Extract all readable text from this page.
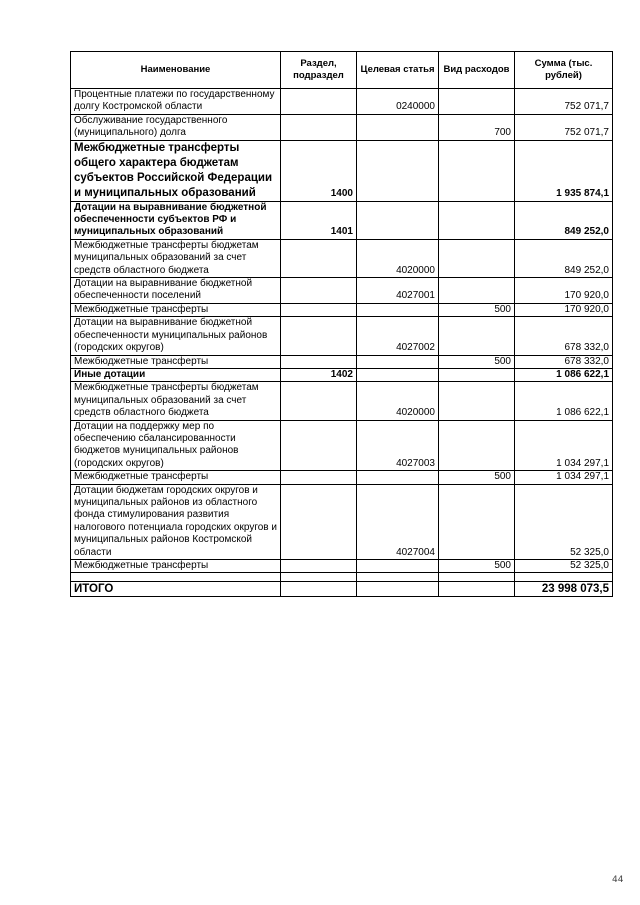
Наименование	Раздел, подраздел	Целевая статья	Вид расходов	Сумма (тыс. рублей)
Процентные платежи по государственному долгу Костромской области		0240000		752 071,7
Обслуживание государственного (муниципального) долга			700	752 071,7
Межбюджетные трансферты общего характера бюджетам субъектов Российской Федерации и муниципальных образований	1400			1 935 874,1
Дотации на выравнивание бюджетной обеспеченности субъектов РФ и муниципальных образований	1401			849 252,0
Межбюджетные трансферты бюджетам муниципальных образований за счет средств областного бюджета		4020000		849 252,0
Дотации на выравнивание бюджетной обеспеченности поселений		4027001		170 920,0
Межбюджетные трансферты			500	170 920,0
Дотации на выравнивание бюджетной обеспеченности муниципальных районов (городских округов)		4027002		678 332,0
Межбюджетные трансферты			500	678 332,0
Иные дотации	1402			1 086 622,1
Межбюджетные трансферты бюджетам муниципальных образований за счет средств областного бюджета		4020000		1 086 622,1
Дотации на поддержку мер по обеспечению сбалансированности бюджетов муниципальных районов (городских округов)		4027003		1 034 297,1
Межбюджетные трансферты			500	1 034 297,1
Дотации бюджетам городских округов и муниципальных районов из областного фонда стимулирования развития налогового потенциала городских округов и муниципальных районов Костромской области		4027004		52 325,0
Межбюджетные трансферты			500	52 325,0

ИТОГО				23 998 073,5
44
